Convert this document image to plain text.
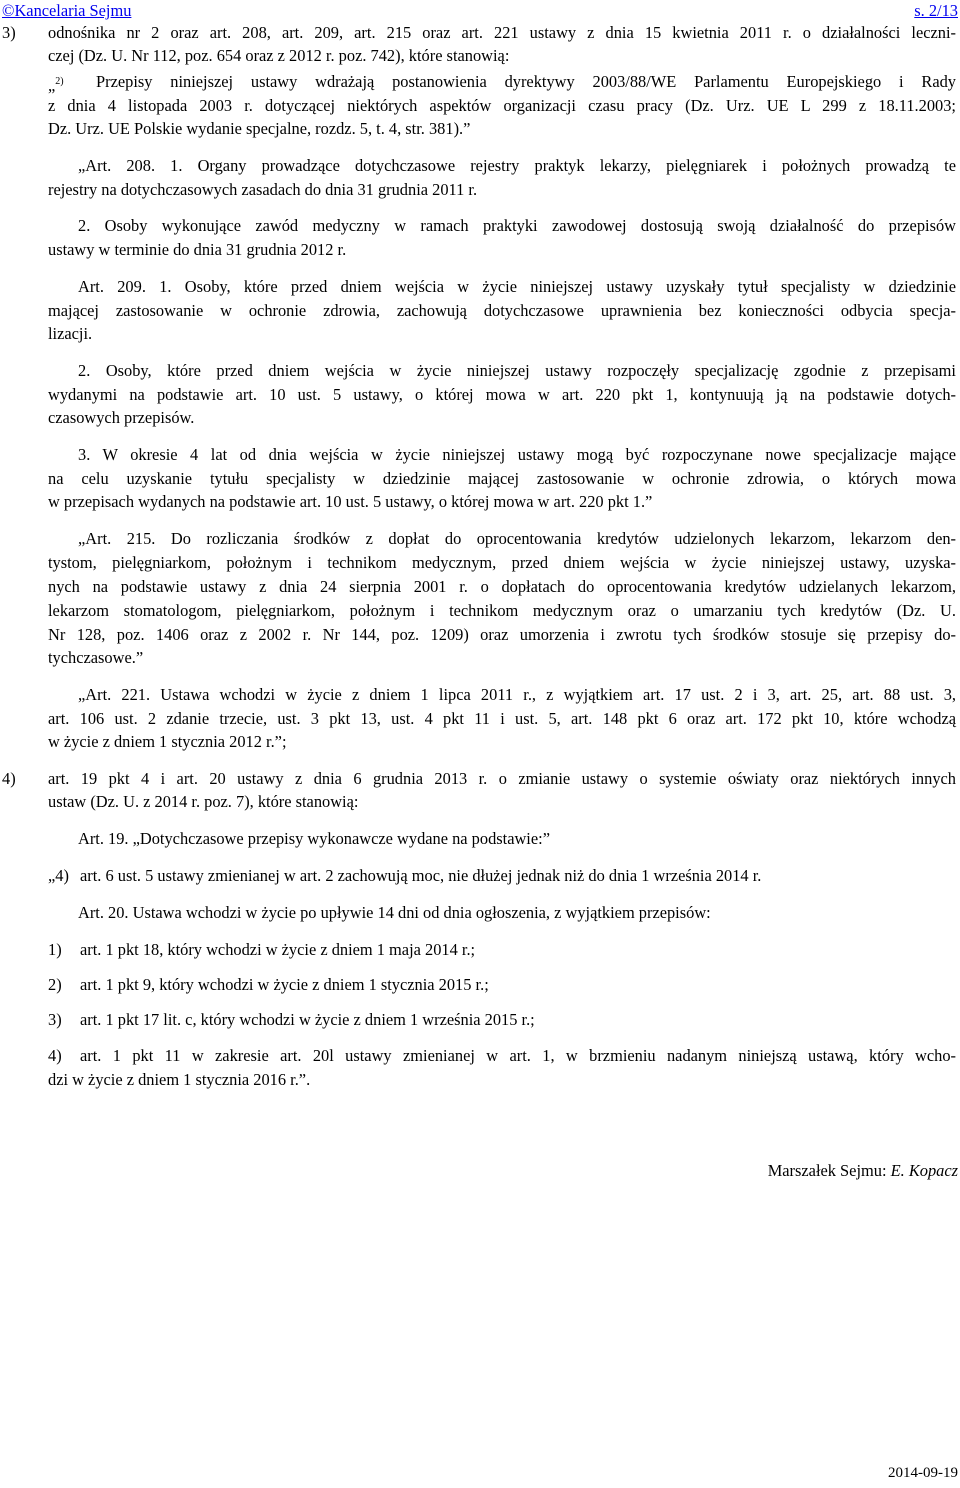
©Kancelaria Sejmu	s. 2/13
3) odnośnika nr 2 oraz art. 208, art. 209, art. 215 oraz art. 221 ustawy z dnia 15 kwietnia 2011 r. o działalności leczni-
czej (Dz. U. Nr 112, poz. 654 oraz z 2012 r. poz. 742), które stanowią:
„$^{2)}$ Przepisy niniejszej ustawy wdrażają postanowienia dyrektywy 2003/88/WE Parlamentu Europejskiego i Rady
z dnia 4 listopada 2003 r. dotyczącej niektórych aspektów organizacji czasu pracy (Dz. Urz. UE L 299 z 18.11.2003;
Dz. Urz. UE Polskie wydanie specjalne, rozdz. 5, t. 4, str. 381).”
„Art. 208. 1. Organy prowadzące dotychczasowe rejestry praktyk lekarzy, pielęgniarek i położnych prowadzą te
rejestry na dotychczasowych zasadach do dnia 31 grudnia 2011 r.
2. Osoby wykonujące zawód medyczny w ramach praktyki zawodowej dostosują swoją działalność do przepisów
ustawy w terminie do dnia 31 grudnia 2012 r.
Art. 209. 1. Osoby, które przed dniem wejścia w życie niniejszej ustawy uzyskały tytuł specjalisty w dziedzinie
mającej zastosowanie w ochronie zdrowia, zachowują dotychczasowe uprawnienia bez konieczności odbycia specja-
lizacji.
2. Osoby, które przed dniem wejścia w życie niniejszej ustawy rozpoczęły specjalizację zgodnie z przepisami
wydanymi na podstawie art. 10 ust. 5 ustawy, o której mowa w art. 220 pkt 1, kontynuują ją na podstawie dotych-
czasowych przepisów.
3. W okresie 4 lat od dnia wejścia w życie niniejszej ustawy mogą być rozpoczynane nowe specjalizacje mające
na celu uzyskanie tytułu specjalisty w dziedzinie mającej zastosowanie w ochronie zdrowia, o których mowa
w przepisach wydanych na podstawie art. 10 ust. 5 ustawy, o której mowa w art. 220 pkt 1.”
„Art. 215. Do rozliczania środków z dopłat do oprocentowania kredytów udzielonych lekarzom, lekarzom den-
tystom, pielęgniarkom, położnym i technikom medycznym, przed dniem wejścia w życie niniejszej ustawy, uzyska-
nych na podstawie ustawy z dnia 24 sierpnia 2001 r. o dopłatach do oprocentowania kredytów udzielanych lekarzom,
lekarzom stomatologom, pielęgniarkom, położnym i technikom medycznym oraz o umarzaniu tych kredytów (Dz. U.
Nr 128, poz. 1406 oraz z 2002 r. Nr 144, poz. 1209) oraz umorzenia i zwrotu tych środków stosuje się przepisy do-
tychczasowe.”
„Art. 221. Ustawa wchodzi w życie z dniem 1 lipca 2011 r., z wyjątkiem art. 17 ust. 2 i 3, art. 25, art. 88 ust. 3,
art. 106 ust. 2 zdanie trzecie, ust. 3 pkt 13, ust. 4 pkt 11 i ust. 5, art. 148 pkt 6 oraz art. 172 pkt 10, które wchodzą
w życie z dniem 1 stycznia 2012 r.”;
4) art. 19 pkt 4 i art. 20 ustawy z dnia 6 grudnia 2013 r. o zmianie ustawy o systemie oświaty oraz niektórych innych
ustaw (Dz. U. z 2014 r. poz. 7), które stanowią:
Art. 19. „Dotychczasowe przepisy wykonawcze wydane na podstawie:”
„4) art. 6 ust. 5 ustawy zmienianej w art. 2 zachowują moc, nie dłużej jednak niż do dnia 1 września 2014 r.
Art. 20. Ustawa wchodzi w życie po upływie 14 dni od dnia ogłoszenia, z wyjątkiem przepisów:
1) art. 1 pkt 18, który wchodzi w życie z dniem 1 maja 2014 r.;
2) art. 1 pkt 9, który wchodzi w życie z dniem 1 stycznia 2015 r.;
3) art. 1 pkt 17 lit. c, który wchodzi w życie z dniem 1 września 2015 r.;
4) art. 1 pkt 11 w zakresie art. 20l ustawy zmienianej w art. 1, w brzmieniu nadanym niniejszą ustawą, który wcho-
dzi w życie z dniem 1 stycznia 2016 r.”.
Marszałek Sejmu: E. Kopacz
2014-09-19
